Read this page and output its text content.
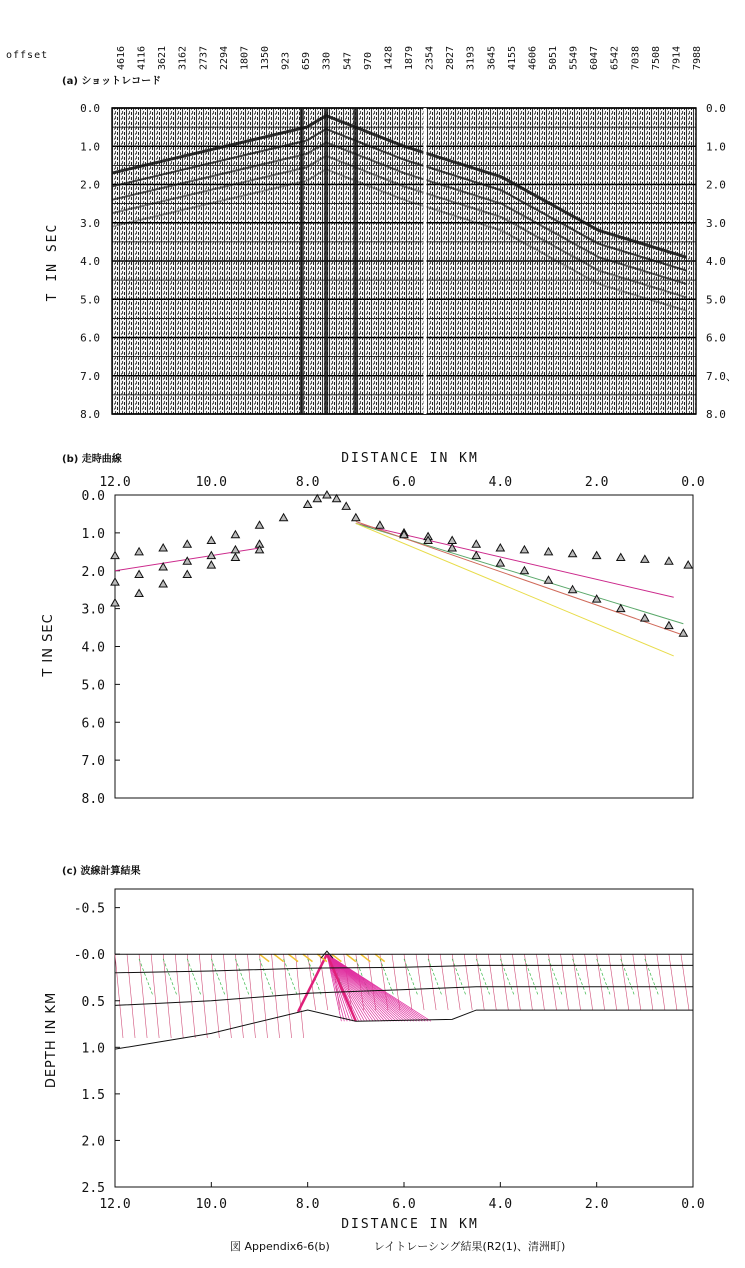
offset	4616 4116 3621 3162 2737 2294 1807 1350 923 659 330 547 970 1428 1879 2354 2827 3193 3645 4155 4606 5051 5549 6047 6542 7038 7508 7914 7988
(a) ショットレコード
0.0
1.0
2.0
3.0
4.0
5.0
6.0
7.0
8.0
0.0
1.0
2.0
3.0
4.0
5.0
6.0
7.0、
8.0
T IN SEC
(b) 走時曲線	DISTANCE IN KM
12.0	10.0	8.0	6.0	4.0	2.0	0.0
0.0
1.0
2.0
3.0
4.0
5.0
6.0
7.0
8.0
T IN SEC
(c) 波線計算結果
12.0	10.0	8.0	6.0	4.0	2.0	0.0
-0.5
-0.0
0.5
1.0
1.5
2.0
2.5
DEPTH IN KM
DISTANCE IN KM
図 Appendix6-6(b)　　　　レイトレーシング結果(R2(1)、清洲町)
